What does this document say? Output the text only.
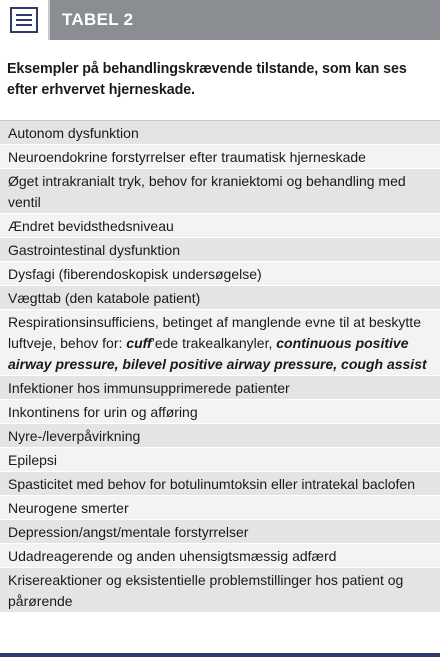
TABEL 2
Eksempler på behandlingskrævende tilstande, som kan ses efter erhvervet hjerneskade.
Autonom dysfunktion
Neuroendokrine forstyrrelser efter traumatisk hjerneskade
Øget intrakranialt tryk, behov for kraniektomi og behandling med ventil
Ændret bevidsthedsniveau
Gastrointestinal dysfunktion
Dysfagi (fiberendoskopisk undersøgelse)
Vægttab (den katabole patient)
Respirationsinsufficiens, betinget af manglende evne til at beskytte luftveje, behov for: cuff’ede trakealkanyler, continuous positive airway pressure, bilevel positive airway pressure, cough assist
Infektioner hos immunsupprimerede patienter
Inkontinens for urin og afføring
Nyre-/leverpåvirkning
Epilepsi
Spasticitet med behov for botulinumtoksin eller intratekal baclofen
Neurogene smerter
Depression/angst/mentale forstyrrelser
Udadreagerende og anden uhensigtsmæssig adfærd
Krisereaktioner og eksistentielle problemstillinger hos patient og pårørende
